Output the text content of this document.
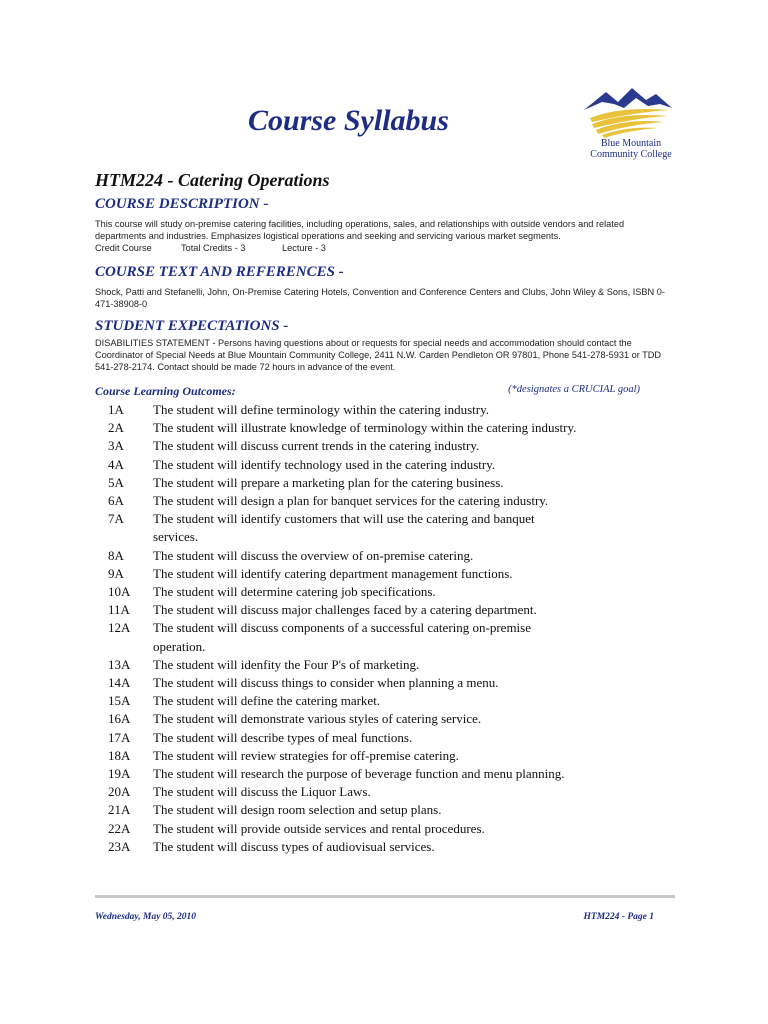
Course Syllabus
Blue Mountain
Community College
HTM224 - Catering Operations
COURSE DESCRIPTION -
This course will study on-premise catering facilities, including operations, sales, and relationships with outside vendors and related departments and industries. Emphasizes logistical operations and seeking and servicing various market segments.
Credit Course	Total Credits - 3	Lecture - 3
COURSE TEXT AND REFERENCES -
Shock, Patti and Stefanelli, John, On-Premise Catering Hotels, Convention and Conference Centers and Clubs, John Wiley & Sons, ISBN 0-471-38908-0
STUDENT EXPECTATIONS -
DISABILITIES STATEMENT - Persons having questions about or requests for special needs and accommodation should contact the Coordinator of Special Needs at Blue Mountain Community College, 2411 N.W. Carden Pendleton OR 97801, Phone 541-278-5931 or TDD 541-278-2174. Contact should be made 72 hours in advance of the event.
Course Learning Outcomes:	(*designates a CRUCIAL goal)
1A	The student will define terminology within the catering industry.
2A	The student will illustrate knowledge of terminology within the catering industry.
3A	The student will discuss current trends in the catering industry.
4A	The student will identify technology used in the catering industry.
5A	The student will prepare a marketing plan for the catering business.
6A	The student will design a plan for banquet services for the catering industry.
7A	The student will identify customers that will use the catering and banquet services.
8A	The student will discuss the overview of on-premise catering.
9A	The student will identify catering department management functions.
10A	The student will determine catering job specifications.
11A	The student will discuss major challenges faced by a catering department.
12A	The student will discuss components of a successful catering on-premise operation.
13A	The student will idenfity the Four P's of marketing.
14A	The student will discuss things to consider when planning a menu.
15A	The student will define the catering market.
16A	The student will demonstrate various styles of catering service.
17A	The student will describe types of meal functions.
18A	The student will review strategies for off-premise catering.
19A	The student will research the purpose of beverage function and menu planning.
20A	The student will discuss the Liquor Laws.
21A	The student will design room selection and setup plans.
22A	The student will provide outside services and rental procedures.
23A	The student will discuss types of audiovisual services.
Wednesday, May 05, 2010	HTM224 - Page 1
